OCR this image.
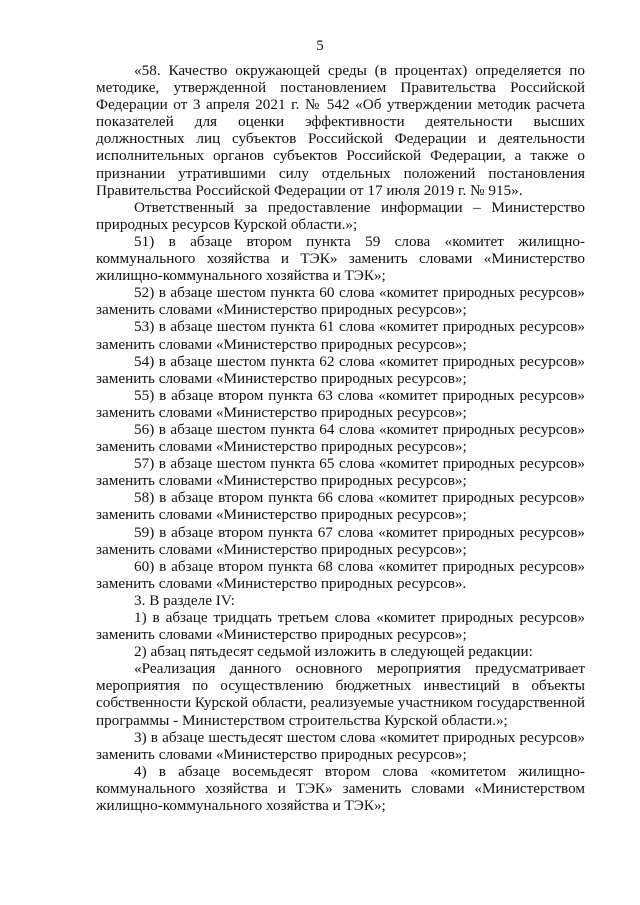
5

«58. Качество окружающей среды (в процентах) определяется по методике, утвержденной постановлением Правительства Российской Федерации от 3 апреля 2021 г. № 542 «Об утверждении методик расчета показателей для оценки эффективности деятельности высших должностных лиц субъектов Российской Федерации и деятельности исполнительных органов субъектов Российской Федерации, а также о признании утратившими силу отдельных положений постановления Правительства Российской Федерации от 17 июля 2019 г. № 915».

Ответственный за предоставление информации – Министерство природных ресурсов Курской области.»;

51) в абзаце втором пункта 59 слова «комитет жилищно-коммунального хозяйства и ТЭК» заменить словами «Министерство жилищно-коммунального хозяйства и ТЭК»;

52) в абзаце шестом пункта 60 слова «комитет природных ресурсов» заменить словами «Министерство природных ресурсов»;

53) в абзаце шестом пункта 61 слова «комитет природных ресурсов» заменить словами «Министерство природных ресурсов»;

54) в абзаце шестом пункта 62 слова «комитет природных ресурсов» заменить словами «Министерство природных ресурсов»;

55) в абзаце втором пункта 63 слова «комитет природных ресурсов» заменить словами «Министерство природных ресурсов»;

56) в абзаце шестом пункта 64 слова «комитет природных ресурсов» заменить словами «Министерство природных ресурсов»;

57) в абзаце шестом пункта 65 слова «комитет природных ресурсов» заменить словами «Министерство природных ресурсов»;

58) в абзаце втором пункта 66 слова «комитет природных ресурсов» заменить словами «Министерство природных ресурсов»;

59) в абзаце втором пункта 67 слова «комитет природных ресурсов» заменить словами «Министерство природных ресурсов»;

60) в абзаце втором пункта 68 слова «комитет природных ресурсов» заменить словами «Министерство природных ресурсов».

3. В разделе IV:

1) в абзаце тридцать третьем слова «комитет природных ресурсов» заменить словами «Министерство природных ресурсов»;

2) абзац пятьдесят седьмой изложить в следующей редакции:

«Реализация данного основного мероприятия предусматривает мероприятия по осуществлению бюджетных инвестиций в объекты собственности Курской области, реализуемые участником государственной программы - Министерством строительства Курской области.»;

3) в абзаце шестьдесят шестом слова «комитет природных ресурсов» заменить словами «Министерство природных ресурсов»;

4) в абзаце восемьдесят втором слова «комитетом жилищно-коммунального хозяйства и ТЭК» заменить словами «Министерством жилищно-коммунального хозяйства и ТЭК»;
